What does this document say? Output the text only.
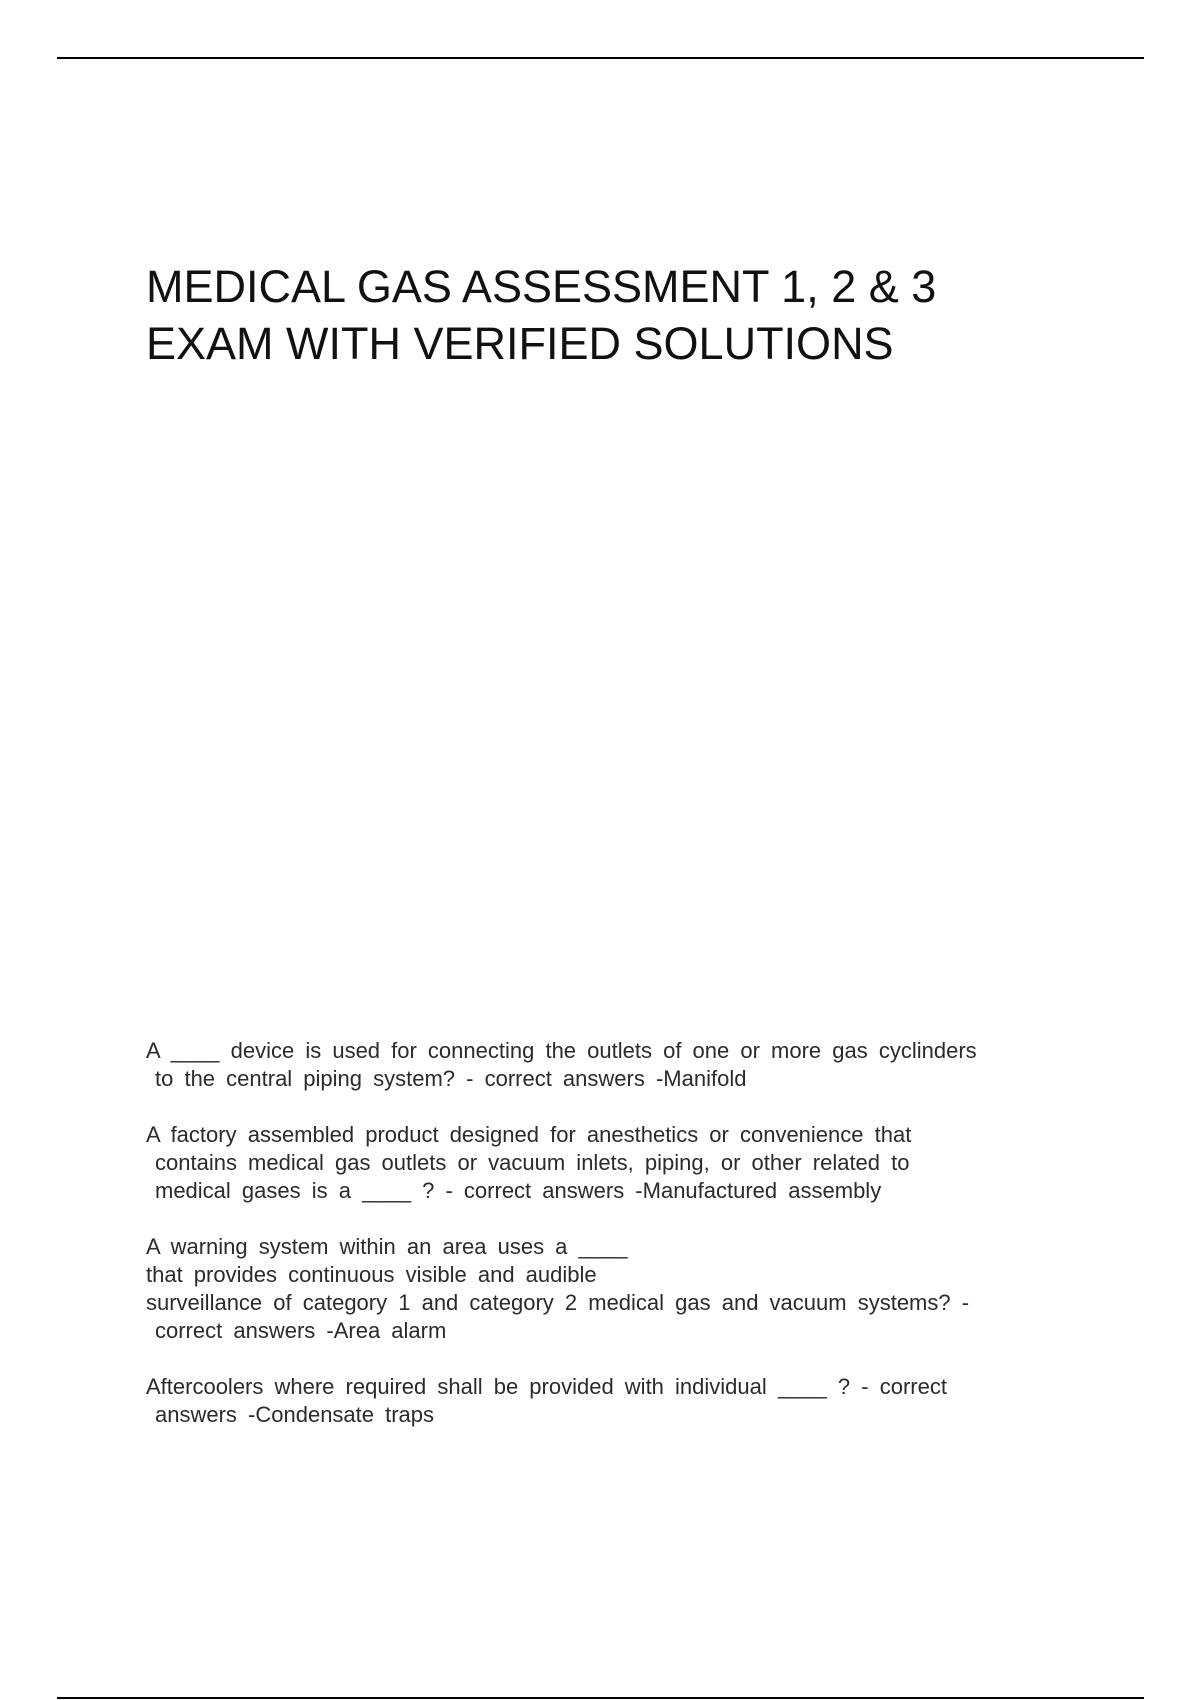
MEDICAL GAS ASSESSMENT 1, 2 & 3
EXAM WITH VERIFIED SOLUTIONS
A ____ device is used for connecting the outlets of one or more gas cyclinders
to the central piping system? - correct answers -Manifold
A factory assembled product designed for anesthetics or convenience that
contains medical gas outlets or vacuum inlets, piping, or other related to
medical gases is a ____ ? - correct answers -Manufactured assembly
A warning system within an area uses a ____
that provides continuous visible and audible
surveillance of category 1 and category 2 medical gas and vacuum systems? -
correct answers -Area alarm
Aftercoolers where required shall be provided with individual ____ ? - correct
answers -Condensate traps
